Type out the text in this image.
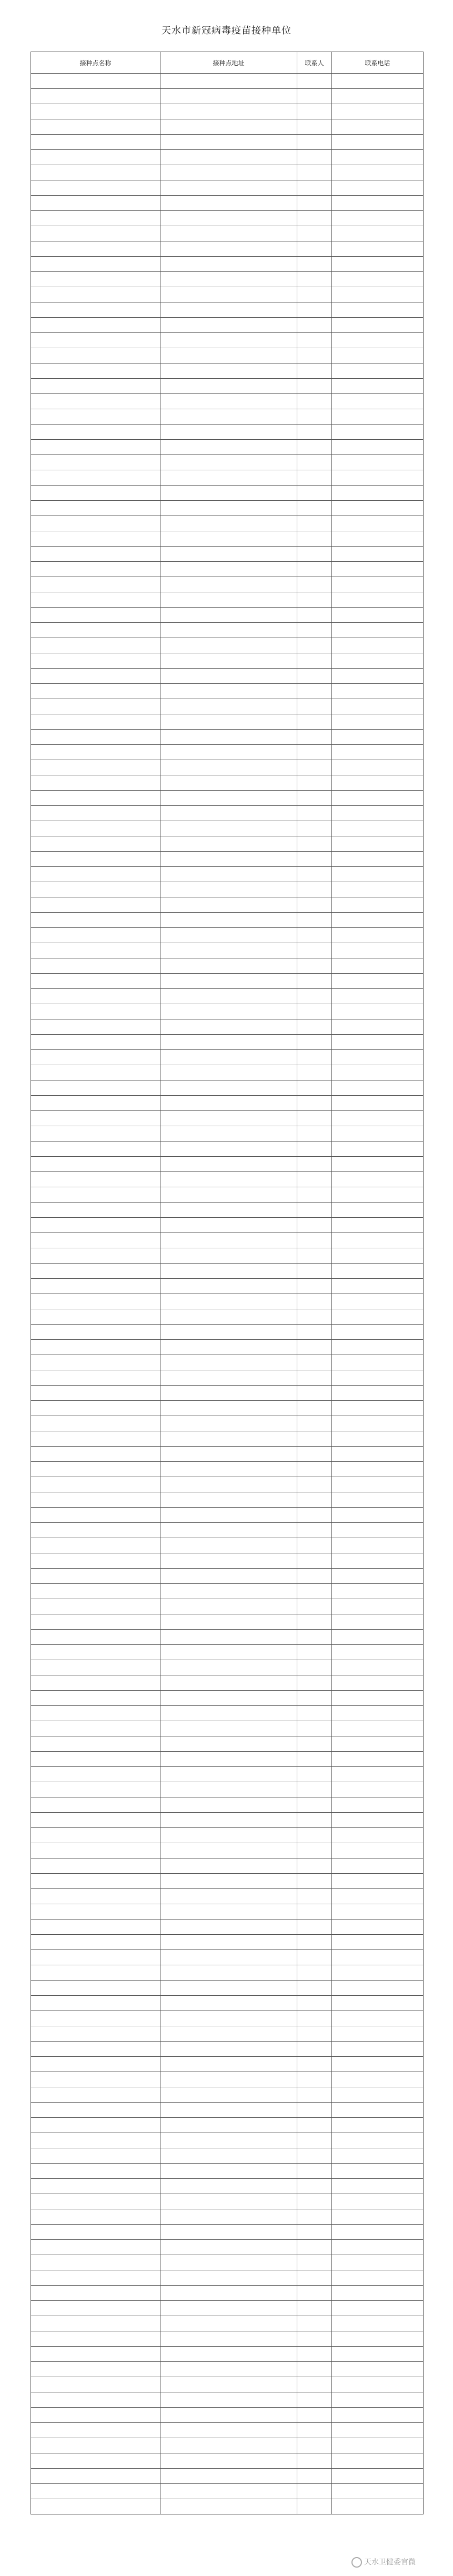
天水市新冠病毒疫苗接种单位
接种点名称	接种点地址	联系人	联系电话

天水卫健委官微
